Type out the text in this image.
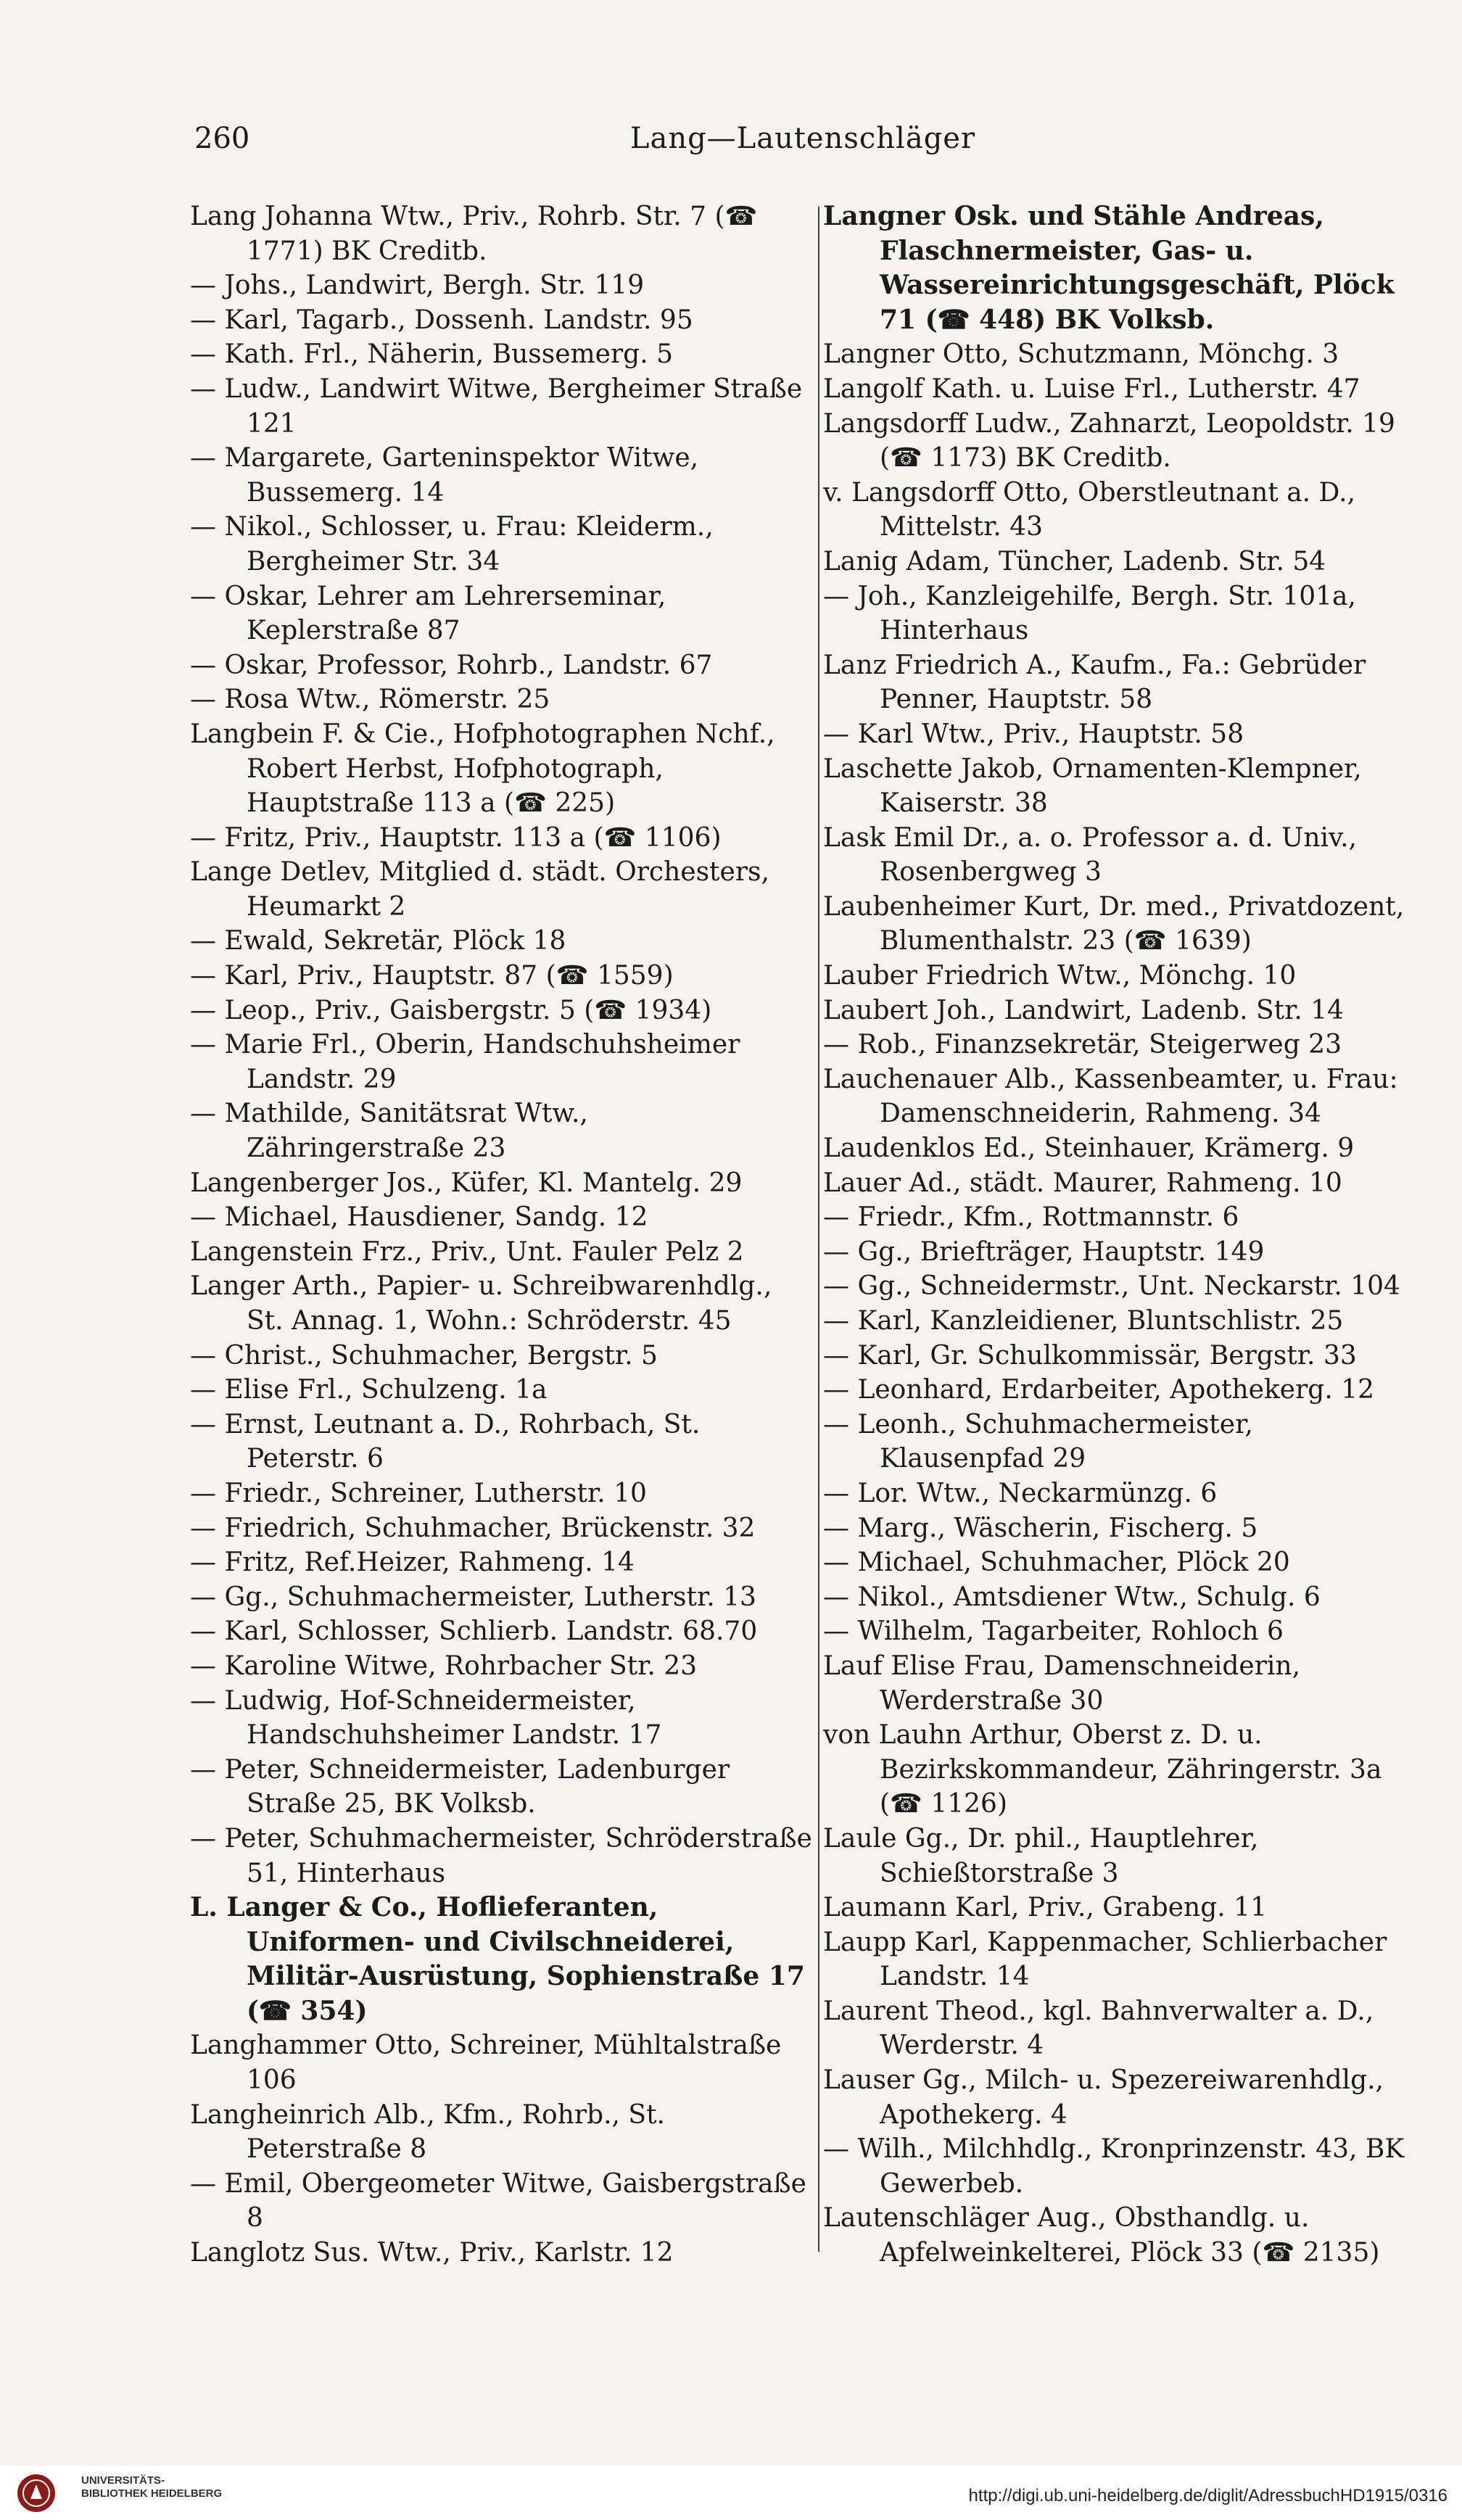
260	Lang—Lautenschläger

Lang Johanna Wtw., Priv., Rohrb. Str. 7 (☎ 1771) BK Creditb.

— Johs., Landwirt, Bergh. Str. 119

— Karl, Tagarb., Dossenh. Landstr. 95

— Kath. Frl., Näherin, Bussemerg. 5

— Ludw., Landwirt Witwe, Bergheimer Straße 121

— Margarete, Garteninspektor Witwe, Bussemerg. 14

— Nikol., Schlosser, u. Frau: Kleiderm., Bergheimer Str. 34

— Oskar, Lehrer am Lehrerseminar, Keplerstraße 87

— Oskar, Professor, Rohrb., Landstr. 67

— Rosa Wtw., Römerstr. 25

Langbein F. & Cie., Hofphotographen Nchf., Robert Herbst, Hofphotograph, Hauptstraße 113 a (☎ 225)

— Fritz, Priv., Hauptstr. 113 a (☎ 1106)

Lange Detlev, Mitglied d. städt. Orchesters, Heumarkt 2

— Ewald, Sekretär, Plöck 18

— Karl, Priv., Hauptstr. 87 (☎ 1559)

— Leop., Priv., Gaisbergstr. 5 (☎ 1934)

— Marie Frl., Oberin, Handschuhsheimer Landstr. 29

— Mathilde, Sanitätsrat Wtw., Zähringerstraße 23

Langenberger Jos., Küfer, Kl. Mantelg. 29

— Michael, Hausdiener, Sandg. 12

Langenstein Frz., Priv., Unt. Fauler Pelz 2

Langer Arth., Papier- u. Schreibwarenhdlg., St. Annag. 1, Wohn.: Schröderstr. 45

— Christ., Schuhmacher, Bergstr. 5

— Elise Frl., Schulzeng. 1a

— Ernst, Leutnant a. D., Rohrbach, St. Peterstr. 6

— Friedr., Schreiner, Lutherstr. 10

— Friedrich, Schuhmacher, Brückenstr. 32

— Fritz, Ref.Heizer, Rahmeng. 14

— Gg., Schuhmachermeister, Lutherstr. 13

— Karl, Schlosser, Schlierb. Landstr. 68.70

— Karoline Witwe, Rohrbacher Str. 23

— Ludwig, Hof-Schneidermeister, Handschuhsheimer Landstr. 17

— Peter, Schneidermeister, Ladenburger Straße 25, BK Volksb.

— Peter, Schuhmachermeister, Schröderstraße 51, Hinterhaus

L. Langer & Co., Hoflieferanten, Uniformen- und Civilschneiderei, Militär-Ausrüstung, Sophienstraße 17 (☎ 354)

Langhammer Otto, Schreiner, Mühltalstraße 106

Langheinrich Alb., Kfm., Rohrb., St. Peterstraße 8

— Emil, Obergeometer Witwe, Gaisbergstraße 8

Langlotz Sus. Wtw., Priv., Karlstr. 12

Langner Osk. und Stähle Andreas, Flaschnermeister, Gas- u. Wassereinrichtungsgeschäft, Plöck 71 (☎ 448) BK Volksb.

Langner Otto, Schutzmann, Mönchg. 3

Langolf Kath. u. Luise Frl., Lutherstr. 47

Langsdorff Ludw., Zahnarzt, Leopoldstr. 19 (☎ 1173) BK Creditb.

v. Langsdorff Otto, Oberstleutnant a. D., Mittelstr. 43

Lanig Adam, Tüncher, Ladenb. Str. 54

— Joh., Kanzleigehilfe, Bergh. Str. 101a, Hinterhaus

Lanz Friedrich A., Kaufm., Fa.: Gebrüder Penner, Hauptstr. 58

— Karl Wtw., Priv., Hauptstr. 58

Laschette Jakob, Ornamenten-Klempner, Kaiserstr. 38

Lask Emil Dr., a. o. Professor a. d. Univ., Rosenbergweg 3

Laubenheimer Kurt, Dr. med., Privatdozent, Blumenthalstr. 23 (☎ 1639)

Lauber Friedrich Wtw., Mönchg. 10

Laubert Joh., Landwirt, Ladenb. Str. 14

— Rob., Finanzsekretär, Steigerweg 23

Lauchenauer Alb., Kassenbeamter, u. Frau: Damenschneiderin, Rahmeng. 34

Laudenklos Ed., Steinhauer, Krämerg. 9

Lauer Ad., städt. Maurer, Rahmeng. 10

— Friedr., Kfm., Rottmannstr. 6

— Gg., Briefträger, Hauptstr. 149

— Gg., Schneidermstr., Unt. Neckarstr. 104

— Karl, Kanzleidiener, Bluntschlistr. 25

— Karl, Gr. Schulkommissär, Bergstr. 33

— Leonhard, Erdarbeiter, Apothekerg. 12

— Leonh., Schuhmachermeister, Klausenpfad 29

— Lor. Wtw., Neckarmünzg. 6

— Marg., Wäscherin, Fischerg. 5

— Michael, Schuhmacher, Plöck 20

— Nikol., Amtsdiener Wtw., Schulg. 6

— Wilhelm, Tagarbeiter, Rohloch 6

Lauf Elise Frau, Damenschneiderin, Werderstraße 30

von Lauhn Arthur, Oberst z. D. u. Bezirkskommandeur, Zähringerstr. 3a (☎ 1126)

Laule Gg., Dr. phil., Hauptlehrer, Schießtorstraße 3

Laumann Karl, Priv., Grabeng. 11

Laupp Karl, Kappenmacher, Schlierbacher Landstr. 14

Laurent Theod., kgl. Bahnverwalter a. D., Werderstr. 4

Lauser Gg., Milch- u. Spezereiwarenhdlg., Apothekerg. 4

— Wilh., Milchhdlg., Kronprinzenstr. 43, BK Gewerbeb.

Lautenschläger Aug., Obsthandlg. u. Apfelweinkelterei, Plöck 33 (☎ 2135)

UNIVERSITÄTS- BIBLIOTHEK HEIDELBERG	http://digi.ub.uni-heidelberg.de/diglit/AdressbuchHD1915/0316
